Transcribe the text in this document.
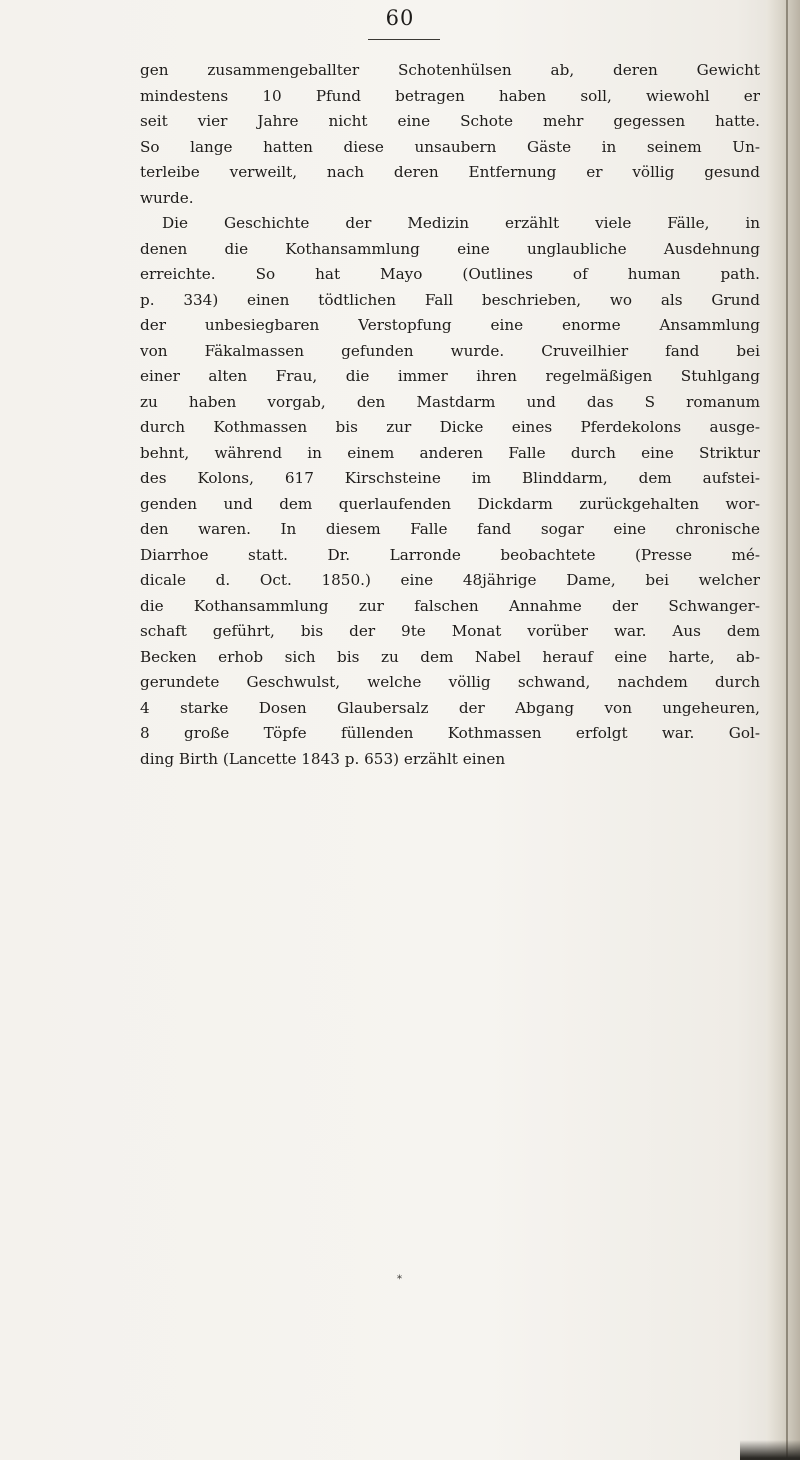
60
gen zusammengeballter Schotenhülsen ab, deren Gewicht
mindestens 10 Pfund betragen haben soll, wiewohl er
seit vier Jahre nicht eine Schote mehr gegessen hatte.
So lange hatten diese unsaubern Gäste in seinem Un-
terleibe verweilt, nach deren Entfernung er völlig gesund
wurde.
Die Geschichte der Medizin erzählt viele Fälle, in
denen die Kothansammlung eine unglaubliche Ausdehnung
erreichte. So hat Mayo (Outlines of human path.
p. 334) einen tödtlichen Fall beschrieben, wo als Grund
der unbesiegbaren Verstopfung eine enorme Ansammlung
von Fäkalmassen gefunden wurde. Cruveilhier fand bei
einer alten Frau, die immer ihren regelmäßigen Stuhlgang
zu haben vorgab, den Mastdarm und das S romanum
durch Kothmassen bis zur Dicke eines Pferdekolons ausge-
behnt, während in einem anderen Falle durch eine Striktur
des Kolons, 617 Kirschsteine im Blinddarm, dem aufstei-
genden und dem querlaufenden Dickdarm zurückgehalten wor-
den waren. In diesem Falle fand sogar eine chronische
Diarrhoe statt. Dr. Larronde beobachtete (Presse mé-
dicale d. Oct. 1850.) eine 48jährige Dame, bei welcher
die Kothansammlung zur falschen Annahme der Schwanger-
schaft geführt, bis der 9te Monat vorüber war. Aus dem
Becken erhob sich bis zu dem Nabel herauf eine harte, ab-
gerundete Geschwulst, welche völlig schwand, nachdem durch
4 starke Dosen Glaubersalz der Abgang von ungeheuren,
8 große Töpfe füllenden Kothmassen erfolgt war. Gol-
ding Birth (Lancette 1843 p. 653) erzählt einen
*
